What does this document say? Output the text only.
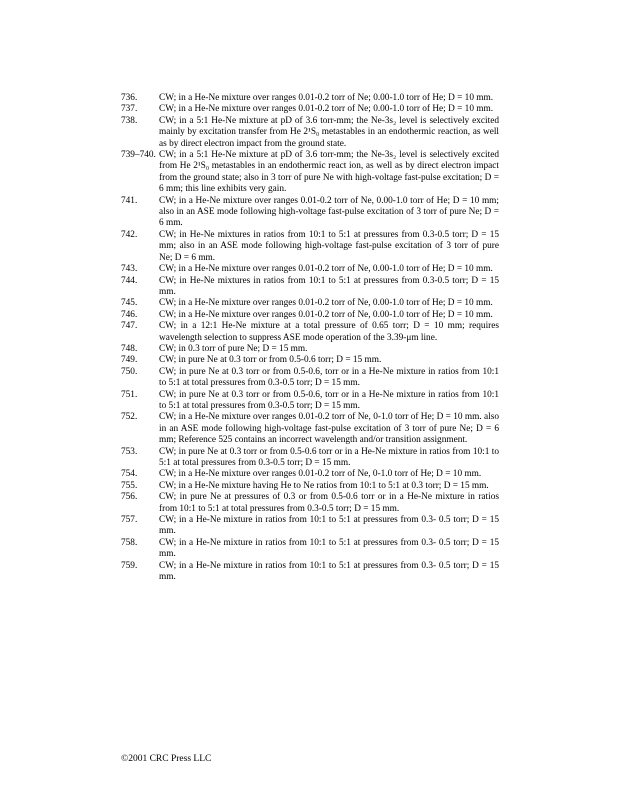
736.	CW; in a He-Ne mixture over ranges 0.01-0.2 torr of Ne; 0.00-1.0 torr of He; D = 10 mm.
737.	CW; in a He-Ne mixture over ranges 0.01-0.2 torr of Ne; 0.00-1.0 torr of He; D = 10 mm.
738.	CW; in a 5:1 He-Ne mixture at pD of 3.6 torr-mm; the Ne-3s₂ level is selectively excited mainly by excitation transfer from He 2¹S₀ metastables in an endothermic reaction, as well as by direct electron impact from the ground state.
739–740. CW; in a 5:1 He-Ne mixture at pD of 3.6 torr-mm; the Ne-3s₂ level is selectively excited from He 2¹S₀ metastables in an endothermic react ion, as well as by direct electron impact from the ground state; also in 3 torr of pure Ne with high-voltage fast-pulse excitation; D = 6 mm; this line exhibits very gain.
741.	CW; in a He-Ne mixture over ranges 0.01-0.2 torr of Ne, 0.00-1.0 torr of He; D = 10 mm; also in an ASE mode following high-voltage fast-pulse excitation of 3 torr of pure Ne; D = 6 mm.
742.	CW; in He-Ne mixtures in ratios from 10:1 to 5:1 at pressures from 0.3-0.5 torr; D = 15 mm; also in an ASE mode following high-voltage fast-pulse excitation of 3 torr of pure Ne; D = 6 mm.
743.	CW; in a He-Ne mixture over ranges 0.01-0.2 torr of Ne, 0.00-1.0 torr of He; D = 10 mm.
744.	CW; in He-Ne mixtures in ratios from 10:1 to 5:1 at pressures from 0.3-0.5 torr; D = 15 mm.
745.	CW; in a He-Ne mixture over ranges 0.01-0.2 torr of Ne, 0.00-1.0 torr of He; D = 10 mm.
746.	CW; in a He-Ne mixture over ranges 0.01-0.2 torr of Ne, 0.00-1.0 torr of He; D = 10 mm.
747.	CW; in a 12:1 He-Ne mixture at a total pressure of 0.65 torr; D = 10 mm; requires wavelength selection to suppress ASE mode operation of the 3.39-μm line.
748.	CW; in 0.3 torr of pure Ne; D = 15 mm.
749.	CW; in pure Ne at 0.3 torr or from 0.5-0.6 torr; D = 15 mm.
750.	CW; in pure Ne at 0.3 torr or from 0.5-0.6, torr or in a He-Ne mixture in ratios from 10:1 to 5:1 at total pressures from 0.3-0.5 torr; D = 15 mm.
751.	CW; in pure Ne at 0.3 torr or from 0.5-0.6, torr or in a He-Ne mixture in ratios from 10:1 to 5:1 at total pressures from 0.3-0.5 torr; D = 15 mm.
752.	CW; in a He-Ne mixture over ranges 0.01-0.2 torr of Ne, 0-1.0 torr of He; D = 10 mm. also in an ASE mode following high-voltage fast-pulse excitation of 3 torr of pure Ne; D = 6 mm; Reference 525 contains an incorrect wavelength and/or transition assignment.
753.	CW; in pure Ne at 0.3 torr or from 0.5-0.6 torr or in a He-Ne mixture in ratios from 10:1 to 5:1 at total pressures from 0.3-0.5 torr; D = 15 mm.
754.	CW; in a He-Ne mixture over ranges 0.01-0.2 torr of Ne, 0-1.0 torr of He; D = 10 mm.
755.	CW; in a He-Ne mixture having He to Ne ratios from 10:1 to 5:1 at 0.3 torr; D = 15 mm.
756.	CW; in pure Ne at pressures of 0.3 or from 0.5-0.6 torr or in a He-Ne mixture in ratios from 10:1 to 5:1 at total pressures from 0.3-0.5 torr; D = 15 mm.
757.	CW; in a He-Ne mixture in ratios from 10:1 to 5:1 at pressures from 0.3- 0.5 torr; D = 15 mm.
758.	CW; in a He-Ne mixture in ratios from 10:1 to 5:1 at pressures from 0.3- 0.5 torr; D = 15 mm.
759.	CW; in a He-Ne mixture in ratios from 10:1 to 5:1 at pressures from 0.3- 0.5 torr; D = 15 mm.
©2001 CRC Press LLC
